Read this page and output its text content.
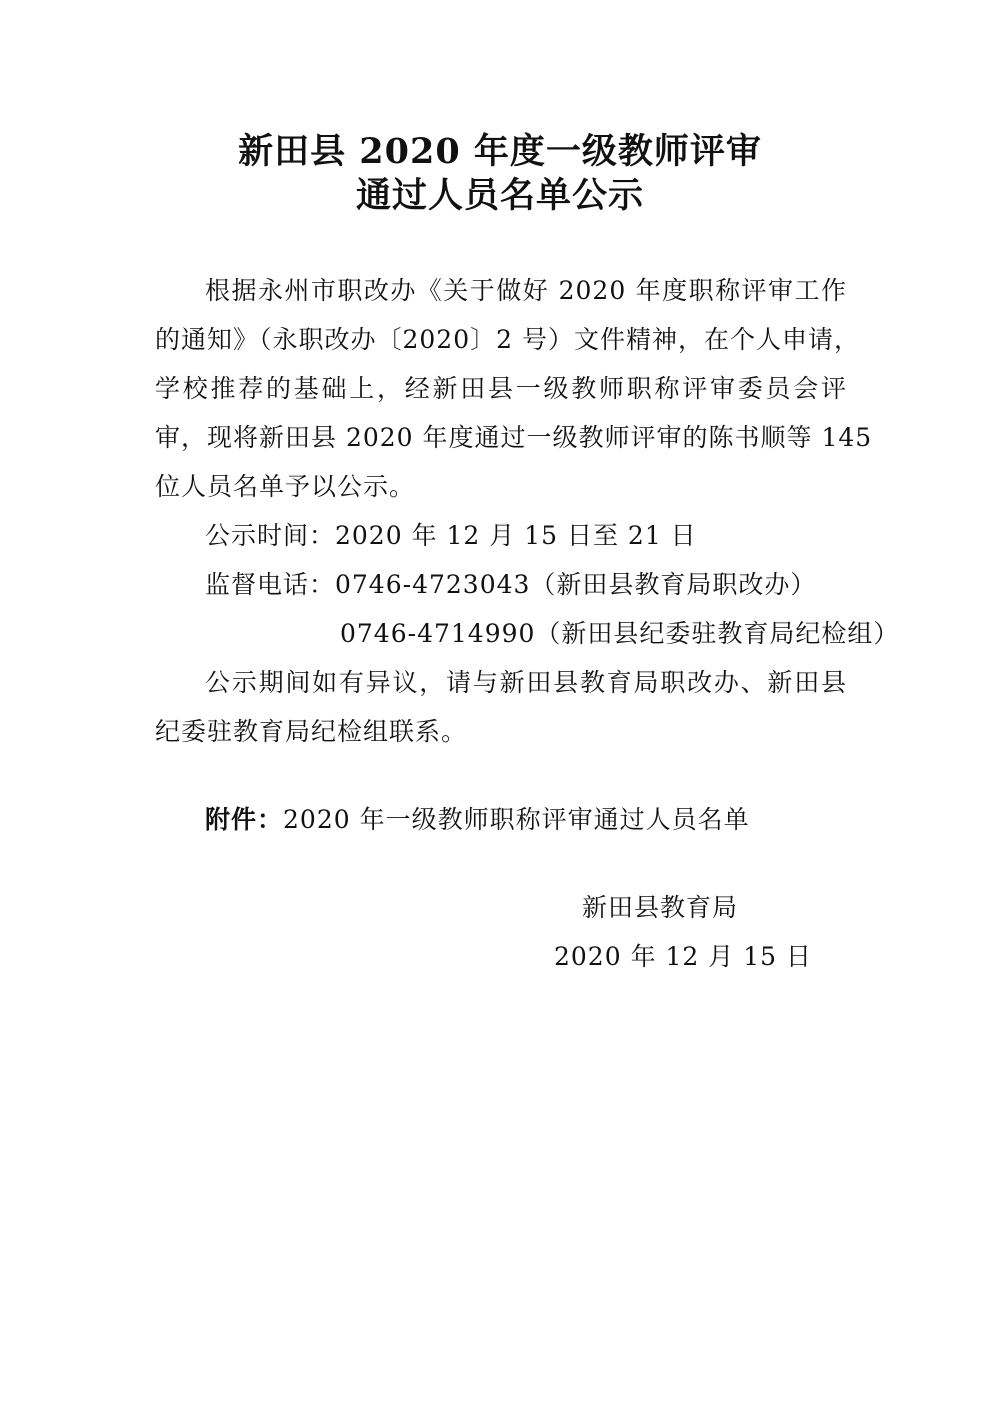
新田县 2020 年度一级教师评审
通过人员名单公示
根据永州市职改办《关于做好 2020 年度职称评审工作
的通知》（永职改办〔2020〕2 号）文件精神，在个人申请，
学校推荐的基础上，经新田县一级教师职称评审委员会评
审，现将新田县 2020 年度通过一级教师评审的陈书顺等 145
位人员名单予以公示。
公示时间：2020 年 12 月 15 日至 21 日
监督电话：0746-4723043（新田县教育局职改办）
0746-4714990（新田县纪委驻教育局纪检组）
公示期间如有异议，请与新田县教育局职改办、新田县
纪委驻教育局纪检组联系。
附件：2020 年一级教师职称评审通过人员名单
新田县教育局
2020 年 12 月 15 日
